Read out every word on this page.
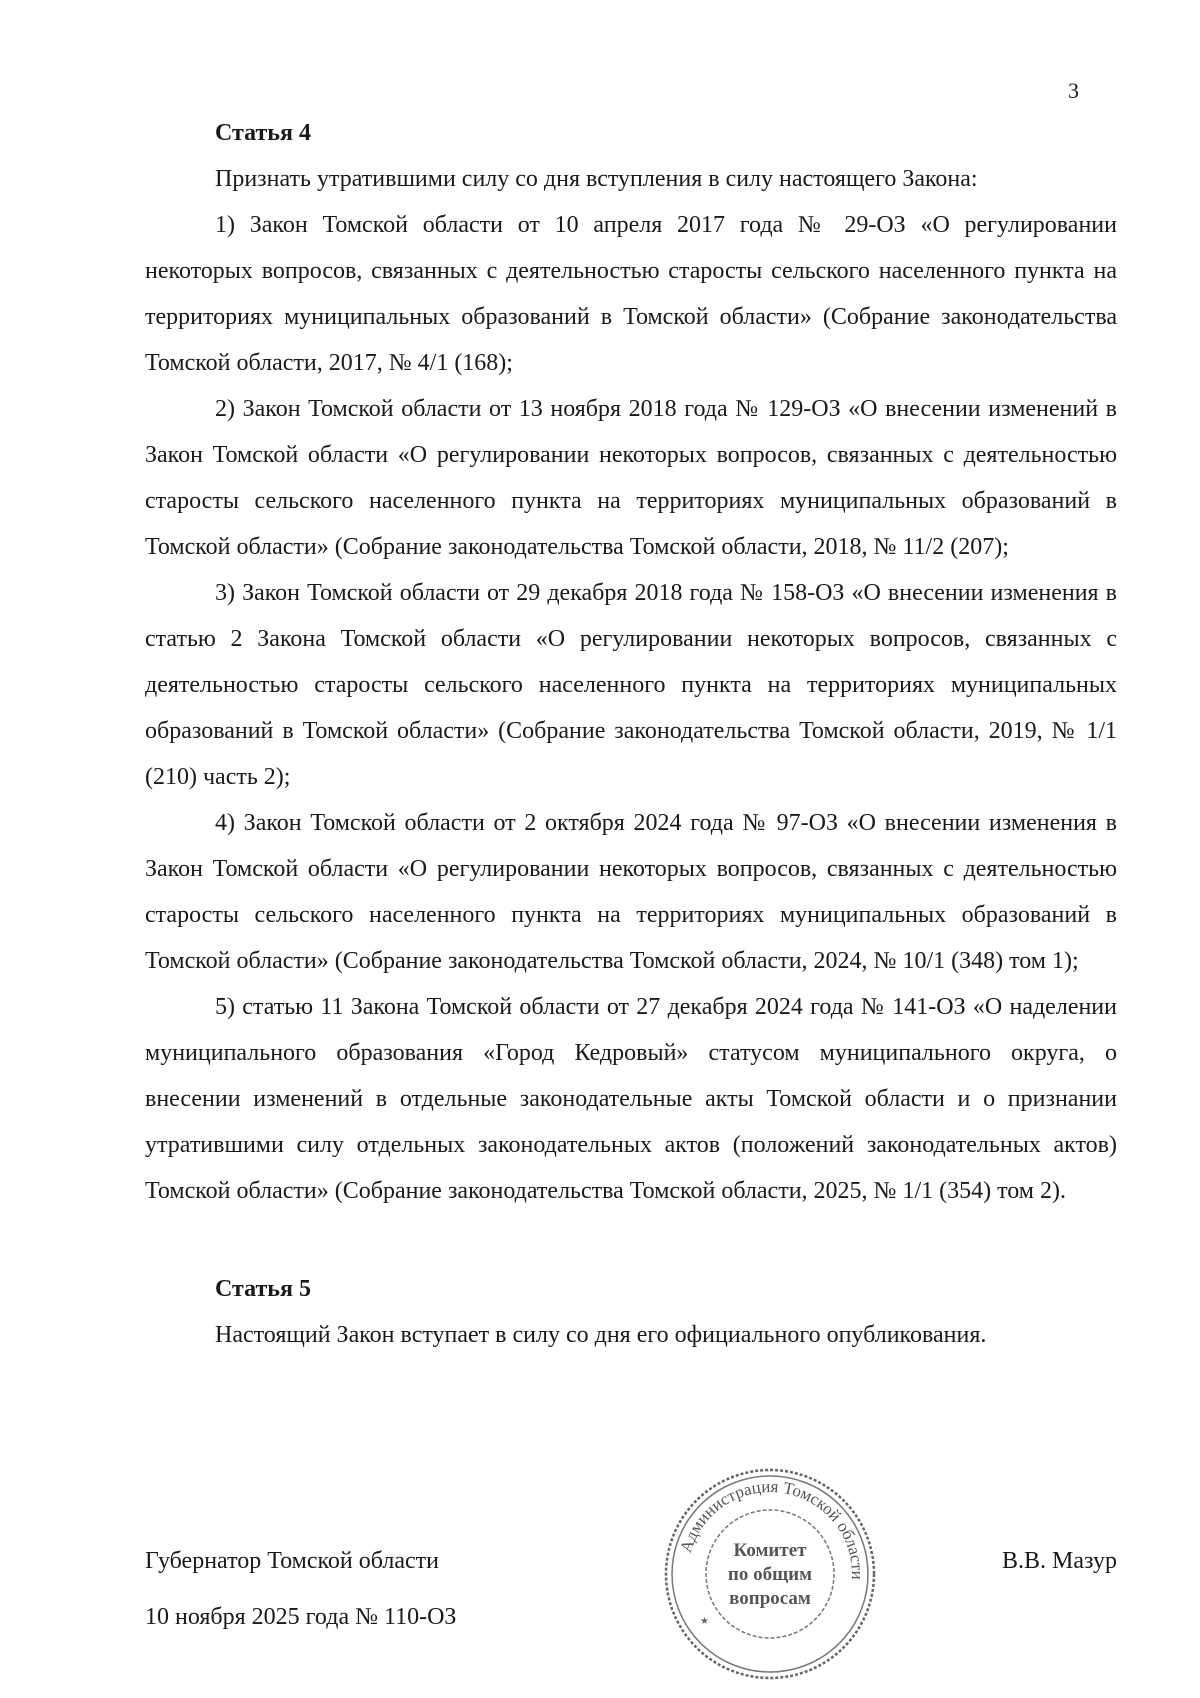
3
Статья 4

Признать утратившими силу со дня вступления в силу настоящего Закона:

1) Закон Томской области от 10 апреля 2017 года № 29-ОЗ «О регулировании некоторых вопросов, связанных с деятельностью старосты сельского населенного пункта на территориях муниципальных образований в Томской области» (Собрание законодательства Томской области, 2017, № 4/1 (168);

2) Закон Томской области от 13 ноября 2018 года № 129-ОЗ «О внесении изменений в Закон Томской области «О регулировании некоторых вопросов, связанных с деятельностью старосты сельского населенного пункта на территориях муниципальных образований в Томской области» (Собрание законодательства Томской области, 2018, № 11/2 (207);

3) Закон Томской области от 29 декабря 2018 года № 158-ОЗ «О внесении изменения в статью 2 Закона Томской области «О регулировании некоторых вопросов, связанных с деятельностью старосты сельского населенного пункта на территориях муниципальных образований в Томской области» (Собрание законодательства Томской области, 2019, № 1/1 (210) часть 2);

4) Закон Томской области от 2 октября 2024 года № 97-ОЗ «О внесении изменения в Закон Томской области «О регулировании некоторых вопросов, связанных с деятельностью старосты сельского населенного пункта на территориях муниципальных образований в Томской области» (Собрание законодательства Томской области, 2024, № 10/1 (348) том 1);

5) статью 11 Закона Томской области от 27 декабря 2024 года № 141-ОЗ «О наделении муниципального образования «Город Кедровый» статусом муниципального округа, о внесении изменений в отдельные законодательные акты Томской области и о признании утратившими силу отдельных законодательных актов (положений законодательных актов) Томской области» (Собрание законодательства Томской области, 2025, № 1/1 (354) том 2).

Статья 5

Настоящий Закон вступает в силу со дня его официального опубликования.

Губернатор Томской области
10 ноября 2025 года № 110-ОЗ
В.В. Мазур
Администрация Томской области
Комитет
по общим
вопросам
★
